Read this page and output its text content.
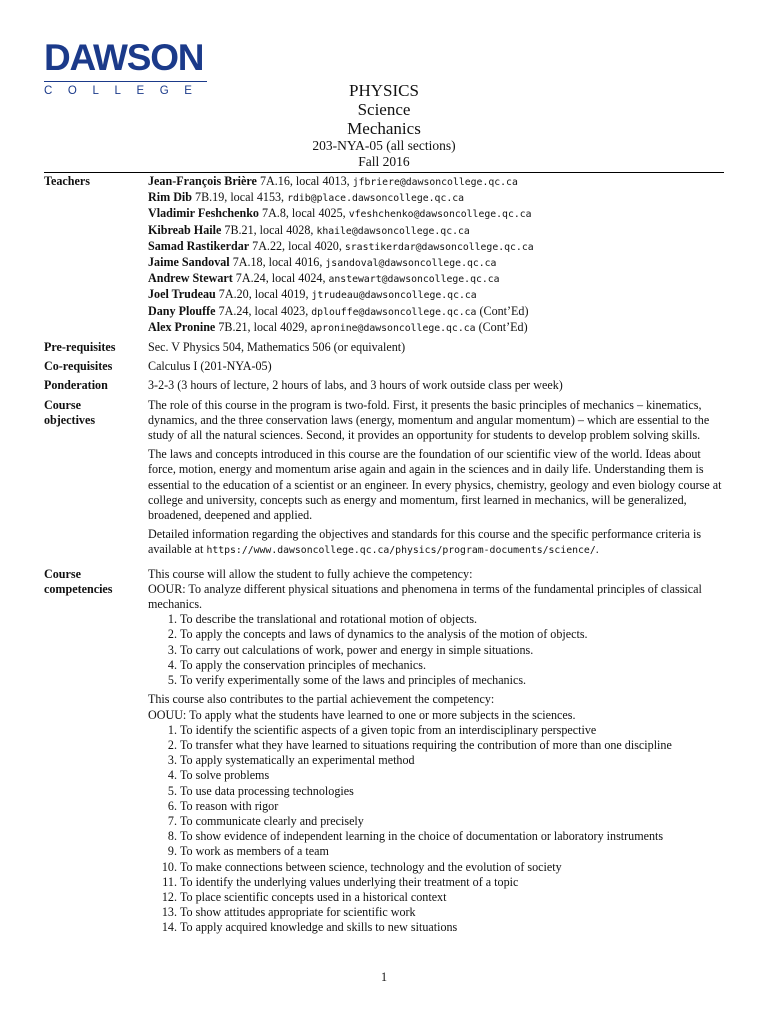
DAWSON
COLLEGE	PHYSICS
Science
Mechanics
203-NYA-05 (all sections)
Fall 2016
Teachers	Jean-François Brière 7A.16, local 4013, jfbriere@dawsoncollege.qc.ca
Rim Dib 7B.19, local 4153, rdib@place.dawsoncollege.qc.ca
Vladimir Feshchenko 7A.8, local 4025, vfeshchenko@dawsoncollege.qc.ca
Kibreab Haile 7B.21, local 4028, khaile@dawsoncollege.qc.ca
Samad Rastikerdar 7A.22, local 4020, srastikerdar@dawsoncollege.qc.ca
Jaime Sandoval 7A.18, local 4016, jsandoval@dawsoncollege.qc.ca
Andrew Stewart 7A.24, local 4024, anstewart@dawsoncollege.qc.ca
Joel Trudeau 7A.20, local 4019, jtrudeau@dawsoncollege.qc.ca
Dany Plouffe 7A.24, local 4023, dplouffe@dawsoncollege.qc.ca (Cont’Ed)
Alex Pronine 7B.21, local 4029, apronine@dawsoncollege.qc.ca (Cont’Ed)
Pre-requisites	Sec. V Physics 504, Mathematics 506 (or equivalent)
Co-requisites	Calculus I (201-NYA-05)
Ponderation	3-2-3 (3 hours of lecture, 2 hours of labs, and 3 hours of work outside class per week)
Course
objectives

The role of this course in the program is two-fold. First, it presents the basic principles of mechanics – kinematics, dynamics, and the three conservation laws (energy, momentum and angular momentum) – which are essential to the study of all the natural sciences. Second, it provides an opportunity for students to develop problem solving skills.

The laws and concepts introduced in this course are the foundation of our scientific view of the world. Ideas about force, motion, energy and momentum arise again and again in the sciences and in daily life. Understanding them is essential to the education of a scientist or an engineer. In every physics, chemistry, geology and even biology course at college and university, concepts such as energy and momentum, first learned in mechanics, will be generalized, broadened, deepened and applied.

Detailed information regarding the objectives and standards for this course and the specific performance criteria is available at https://www.dawsoncollege.qc.ca/physics/program-documents/science/.

Course
competencies
This course will allow the student to fully achieve the competency:
OOUR: To analyze different physical situations and phenomena in terms of the fundamental principles of classical mechanics.
1. To describe the translational and rotational motion of objects.
2. To apply the concepts and laws of dynamics to the analysis of the motion of objects.
3. To carry out calculations of work, power and energy in simple situations.
4. To apply the conservation principles of mechanics.
5. To verify experimentally some of the laws and principles of mechanics.
This course also contributes to the partial achievement the competency:
OOUU: To apply what the students have learned to one or more subjects in the sciences.
1. To identify the scientific aspects of a given topic from an interdisciplinary perspective
2. To transfer what they have learned to situations requiring the contribution of more than one discipline
3. To apply systematically an experimental method
4. To solve problems
5. To use data processing technologies
6. To reason with rigor
7. To communicate clearly and precisely
8. To show evidence of independent learning in the choice of documentation or laboratory instruments
9. To work as members of a team
10. To make connections between science, technology and the evolution of society
11. To identify the underlying values underlying their treatment of a topic
12. To place scientific concepts used in a historical context
13. To show attitudes appropriate for scientific work
14. To apply acquired knowledge and skills to new situations
1
